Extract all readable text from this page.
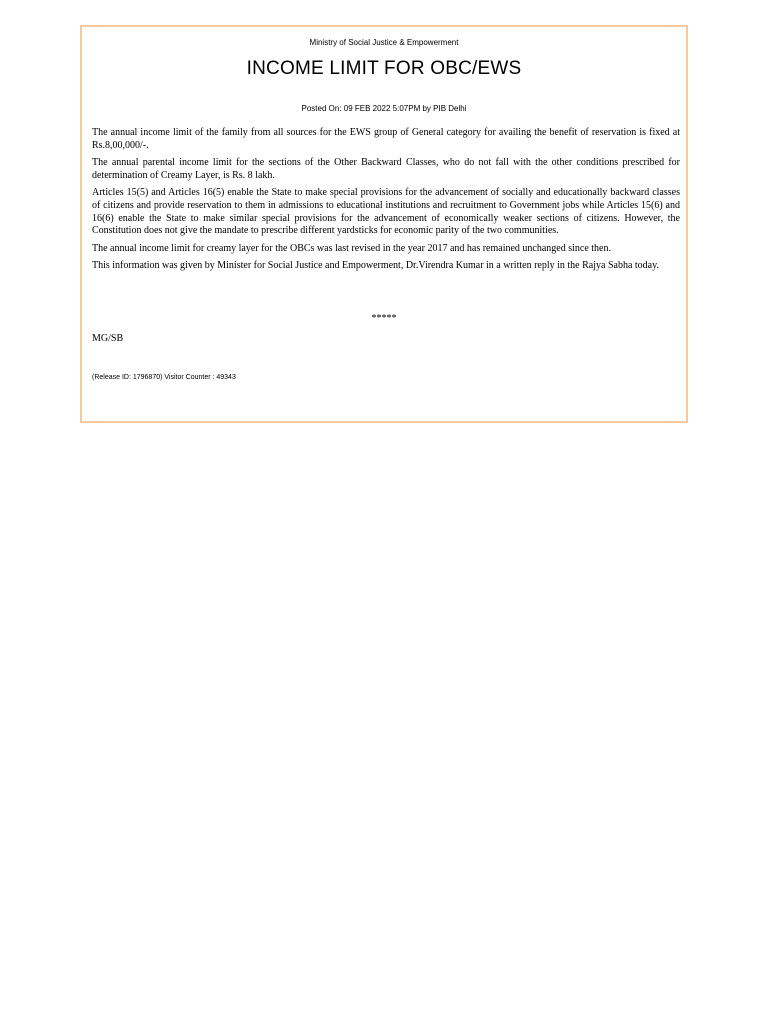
Ministry of Social Justice & Empowerment
INCOME LIMIT FOR OBC/EWS
Posted On: 09 FEB 2022 5:07PM by PIB Delhi

The annual income limit of the family from all sources for the EWS group of General category for availing the benefit of reservation is fixed at Rs.8,00,000/-.

The annual parental income limit for the sections of the Other Backward Classes, who do not fall with the other conditions prescribed for determination of Creamy Layer, is Rs. 8 lakh.

Articles 15(5) and Articles 16(5) enable the State to make special provisions for the advancement of socially and educationally backward classes of citizens and provide reservation to them in admissions to educational institutions and recruitment to Government jobs while Articles 15(6) and 16(6) enable the State to make similar special provisions for the advancement of economically weaker sections of citizens. However, the Constitution does not give the mandate to prescribe different yardsticks for economic parity of the two communities.

The annual income limit for creamy layer for the OBCs was last revised in the year 2017 and has remained unchanged since then.

This information was given by Minister for Social Justice and Empowerment, Dr.Virendra Kumar in a written reply in the Rajya Sabha today.

*****
MG/SB
(Release ID: 1796870) Visitor Counter : 49343
